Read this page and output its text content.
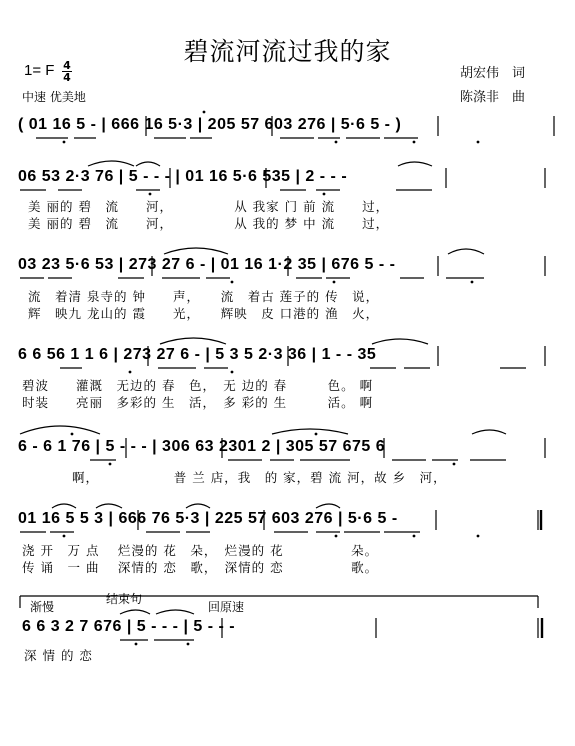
碧流河流过我的家
1= F 4
4
中速 优美地
胡宏伟　词
陈涤非　曲
( 01 16 5 - | 666 16 5·3 | 205 57 603 276 | 5·6 5 - )
06 53 2·3 76 | 5 - - - | 01 16 5·6 535 | 2 - - -
美 丽的 碧　流　　河，　　　　　从 我家 门 前 流　　过，
美 丽的 碧　流　　河，　　　　　从 我的 梦 中 流　　过，
03 23 5·6 53 | 273 27 6 - | 01 16 1·2 35 | 676 5 - -
流　着清 泉寺的 钟　　声，　　流　着古 莲子的 传　说，
辉　映九 龙山的 霞　　光，　　辉映　皮 口港的 渔　火，
6 6 56 1 1 6 | 273 27 6 - | 5 3 5 2·3 36 | 1 - - 35
碧波　　灌溉　无边的 春　色，　无 边的 春　　　色。 啊
时装　　亮丽　多彩的 生　活，　多 彩的 生　　　活。 啊
6 - 6 1 76 | 5 - - - | 306 63 2301 2 | 305 57 675 6
啊，　　　　　　普 兰 店，我　的 家，碧 流 河，故 乡　河，
01 16 5 5 3 | 666 76 5·3 | 225 57 603 276 | 5·6 5 -
浇 开　万 点　 烂漫的 花　朵，　烂漫的 花　　　　　朵。
传 诵　一 曲　 深情的 恋　歌，　深情的 恋　　　　　歌。
渐慢
结束句
回原速
6 6 3 2 7 676 | 5 - - - | 5 - - -
深 情 的 恋
